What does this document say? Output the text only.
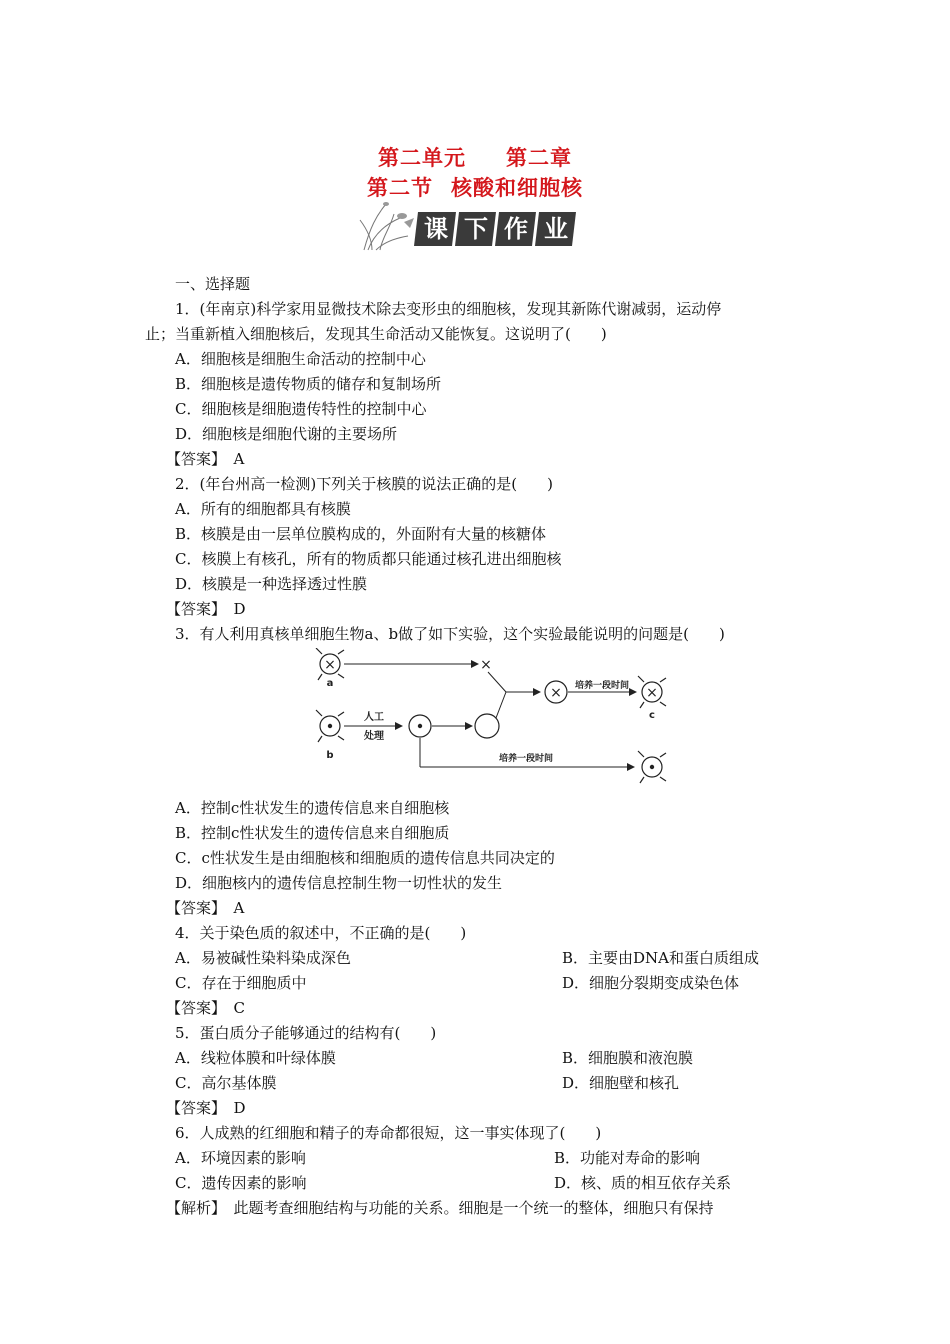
第二单元 第二章
第二节 核酸和细胞核
课 下 作 业
一、选择题
1．(年南京)科学家用显微技术除去变形虫的细胞核，发现其新陈代谢减弱，运动停
止；当重新植入细胞核后，发现其生命活动又能恢复。这说明了(　　)
A．细胞核是细胞生命活动的控制中心
B．细胞核是遗传物质的储存和复制场所
C．细胞核是细胞遗传特性的控制中心
D．细胞核是细胞代谢的主要场所
【答案】　A
2．(年台州高一检测)下列关于核膜的说法正确的是(　　)
A．所有的细胞都具有核膜
B．核膜是由一层单位膜构成的，外面附有大量的核糖体
C．核膜上有核孔，所有的物质都只能通过核孔进出细胞核
D．核膜是一种选择透过性膜
【答案】　D
3．有人利用真核单细胞生物a、b做了如下实验，这个实验最能说明的问题是(　　)
×
a
×
× 培养一段时间 ×
c
b
人工
处理
培养一段时间
A．控制c性状发生的遗传信息来自细胞核
B．控制c性状发生的遗传信息来自细胞质
C．c性状发生是由细胞核和细胞质的遗传信息共同决定的
D．细胞核内的遗传信息控制生物一切性状的发生
【答案】　A
4．关于染色质的叙述中，不正确的是(　　)
A．易被碱性染料染成深色	B．主要由DNA和蛋白质组成
C．存在于细胞质中	D．细胞分裂期变成染色体
【答案】　C
5．蛋白质分子能够通过的结构有(　　)
A．线粒体膜和叶绿体膜	B．细胞膜和液泡膜
C．高尔基体膜	D．细胞壁和核孔
【答案】　D
6．人成熟的红细胞和精子的寿命都很短，这一事实体现了(　　)
A．环境因素的影响	B．功能对寿命的影响
C．遗传因素的影响	D．核、质的相互依存关系
【解析】　此题考查细胞结构与功能的关系。细胞是一个统一的整体，细胞只有保持
